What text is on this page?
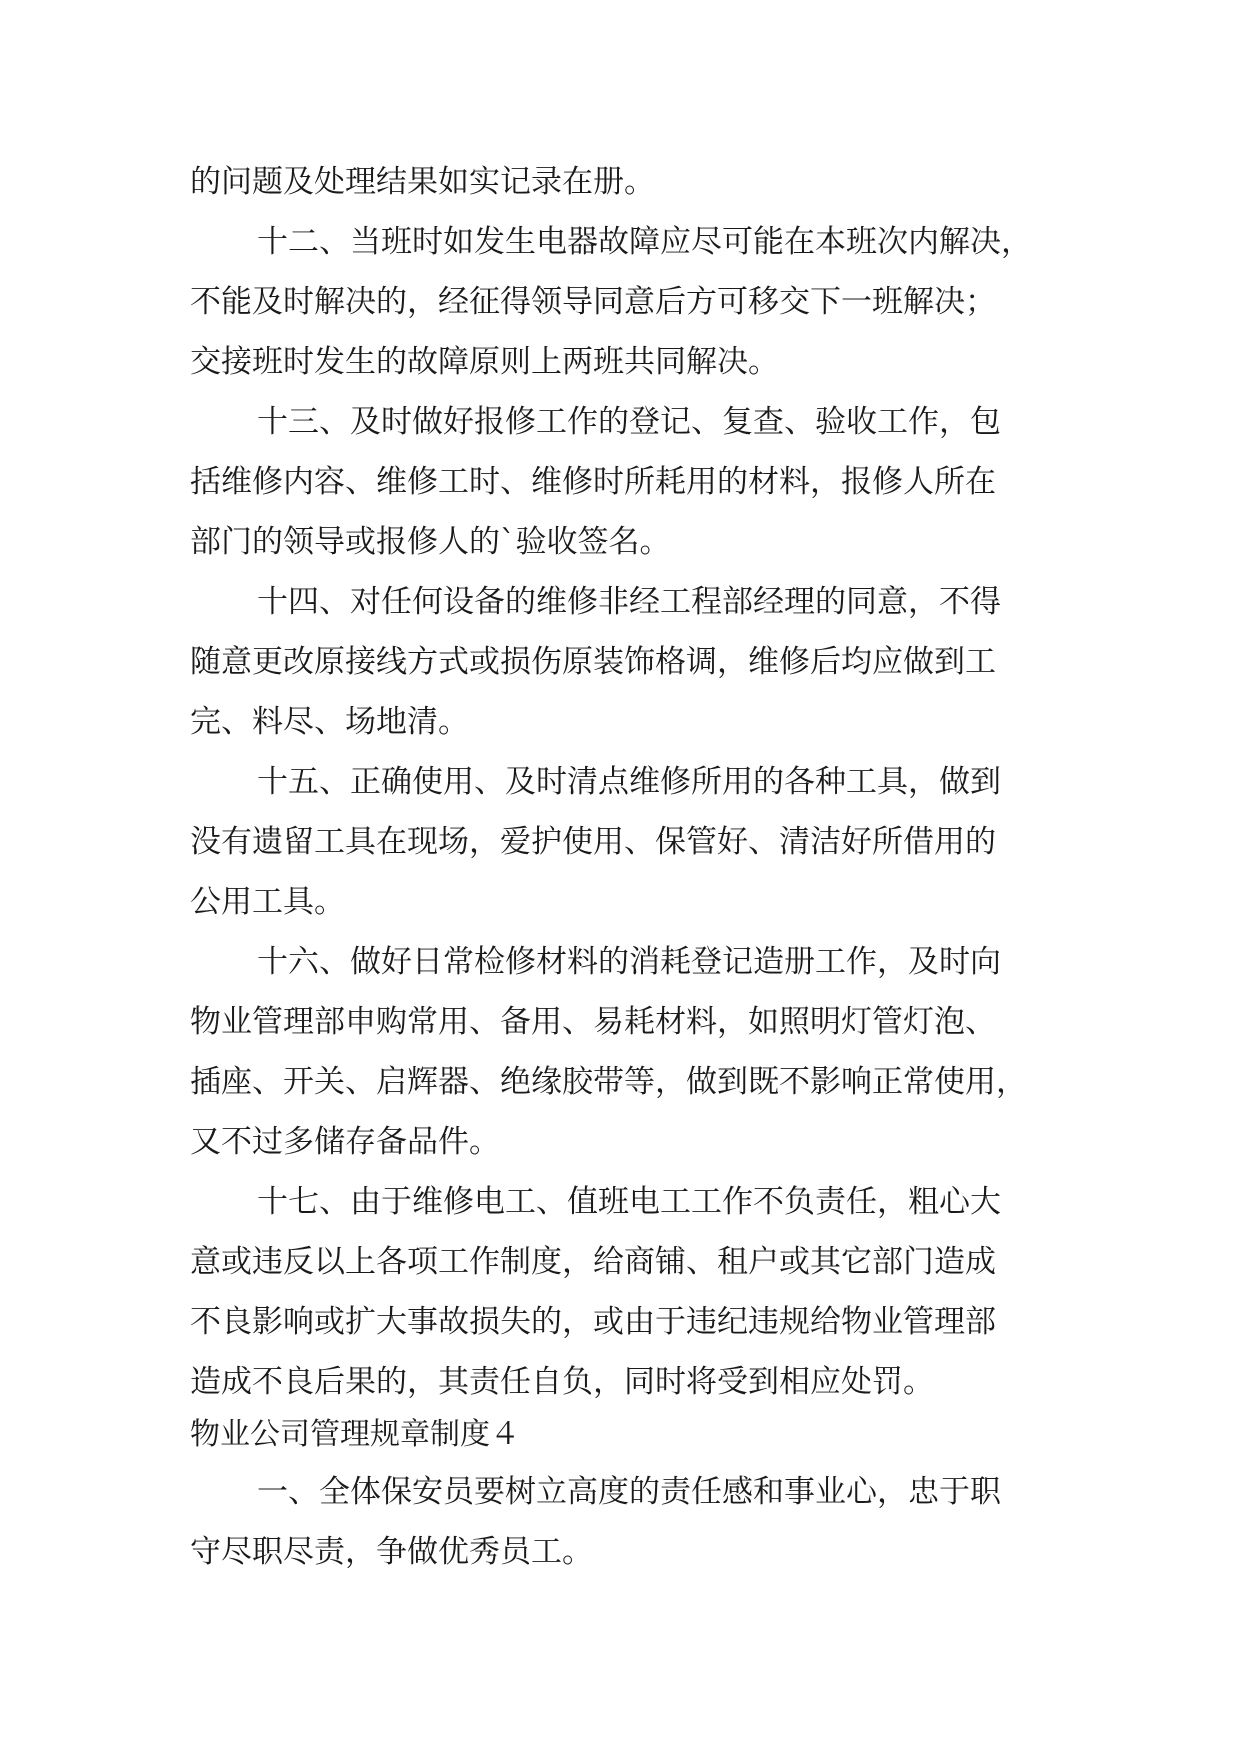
的问题及处理结果如实记录在册。
十二、当班时如发生电器故障应尽可能在本班次内解决，
不能及时解决的，经征得领导同意后方可移交下一班解决；
交接班时发生的故障原则上两班共同解决。
十三、及时做好报修工作的登记、复查、验收工作，包
括维修内容、维修工时、维修时所耗用的材料，报修人所在
部门的领导或报修人的`验收签名。
十四、对任何设备的维修非经工程部经理的同意，不得
随意更改原接线方式或损伤原装饰格调，维修后均应做到工
完、料尽、场地清。
十五、正确使用、及时清点维修所用的各种工具，做到
没有遗留工具在现场，爱护使用、保管好、清洁好所借用的
公用工具。
十六、做好日常检修材料的消耗登记造册工作，及时向
物业管理部申购常用、备用、易耗材料，如照明灯管灯泡、
插座、开关、启辉器、绝缘胶带等，做到既不影响正常使用，
又不过多储存备品件。
十七、由于维修电工、值班电工工作不负责任，粗心大
意或违反以上各项工作制度，给商铺、租户或其它部门造成
不良影响或扩大事故损失的，或由于违纪违规给物业管理部
造成不良后果的，其责任自负，同时将受到相应处罚。
物业公司管理规章制度４
一、全体保安员要树立高度的责任感和事业心，忠于职
守尽职尽责，争做优秀员工。
